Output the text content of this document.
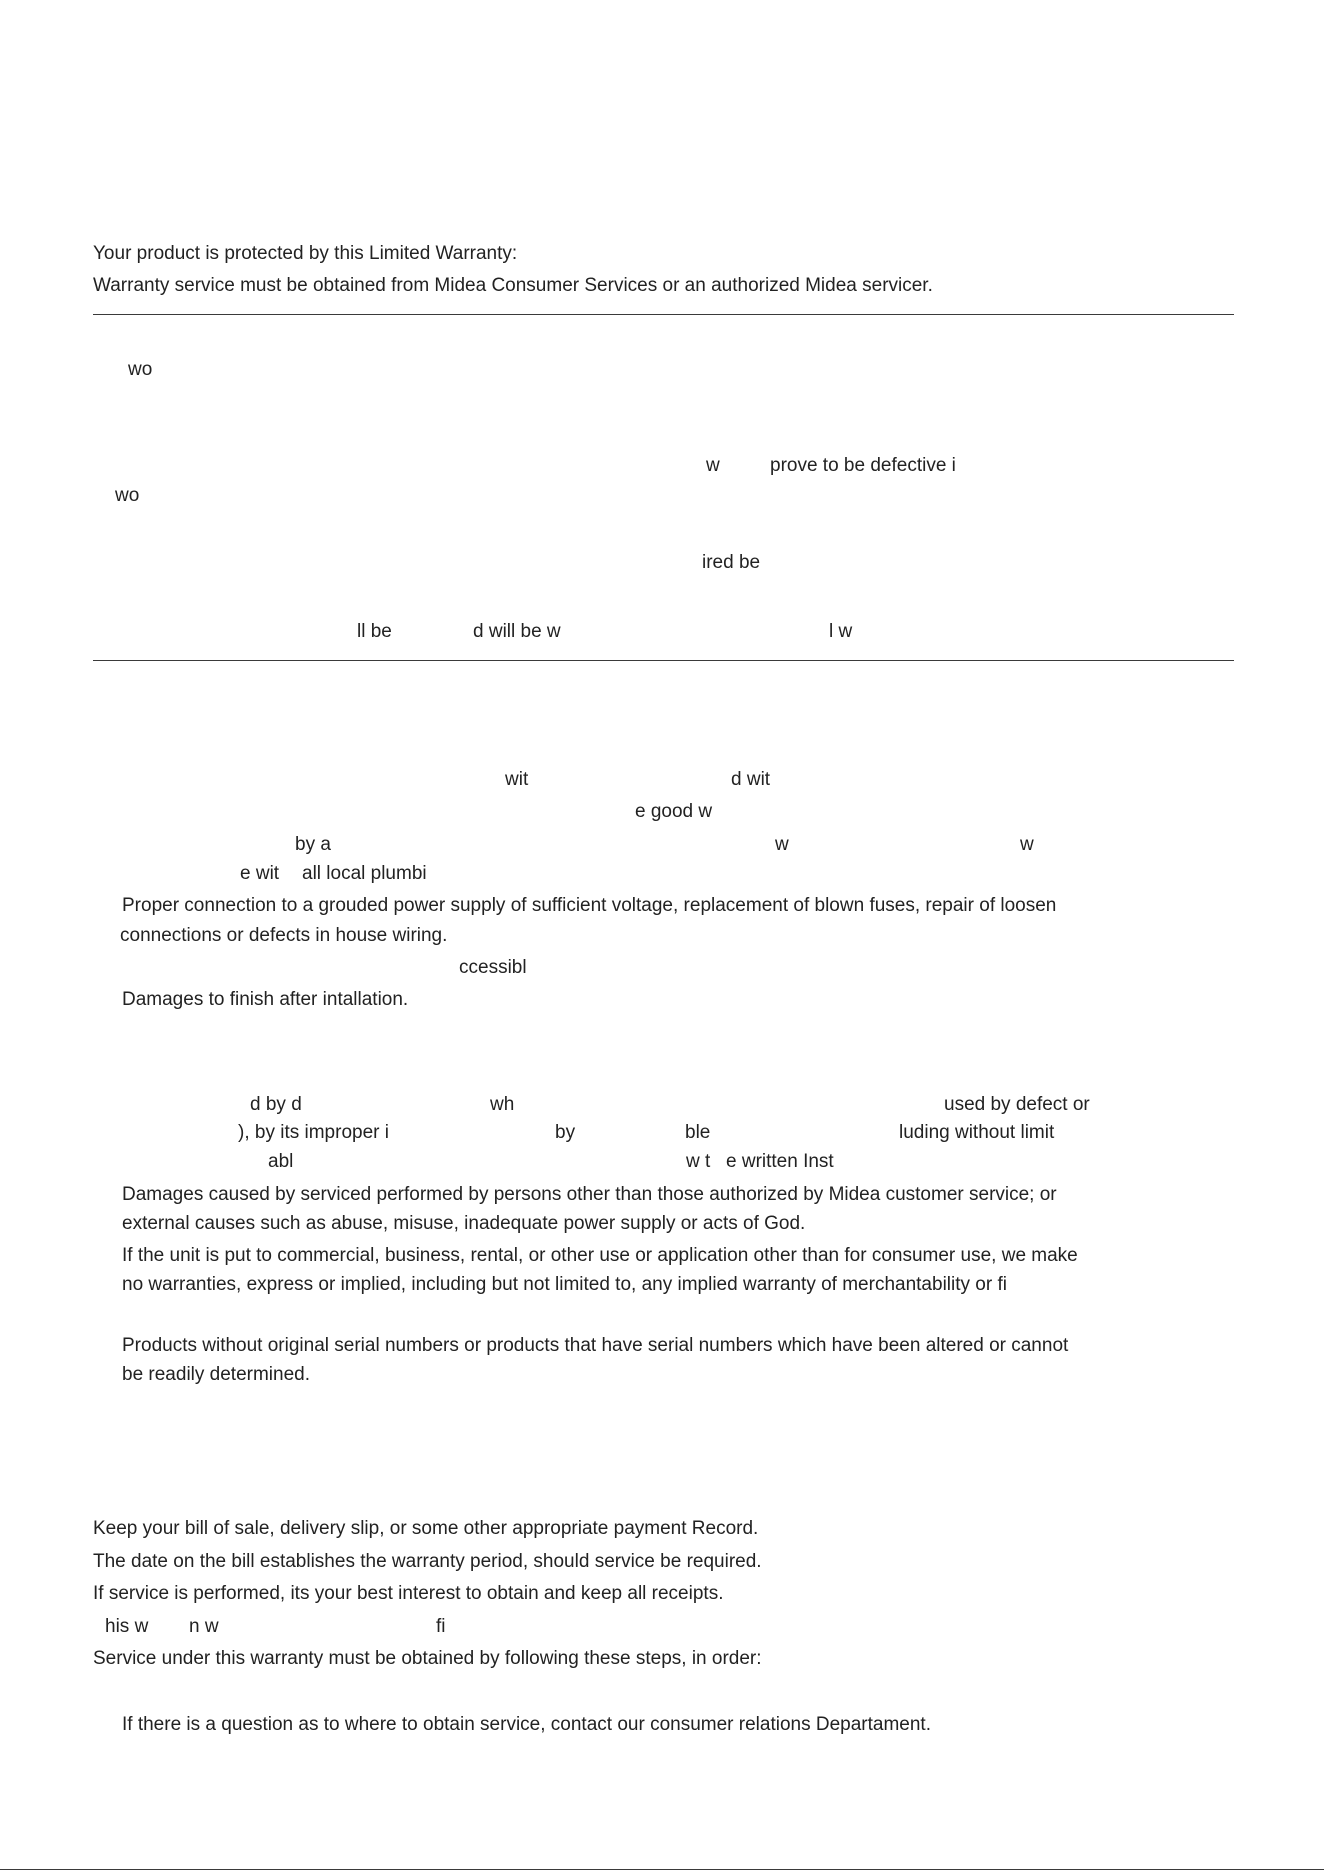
Your product is protected by this Limited Warranty:
Warranty service must be obtained from Midea Consumer Services or an authorized Midea servicer.
wo
w	prove to be defective i
wo
ired be
ll be	d will be w	l w
wit	d wit
e good w
by a	w	w
e wit all local plumbi
Proper connection to a grouded power supply of sufficient voltage, replacement of blown fuses, repair of loosen
connections or defects in house wiring.
ccessibl
Damages to finish after intallation.
d by d	wh	used by defect or
), by its improper i	by	ble	luding without limit
abl	w t e written Inst
Damages caused by serviced performed by persons other than those authorized by Midea customer service; or
external causes such as abuse, misuse, inadequate power supply or acts of God.
If the unit is put to commercial, business, rental, or other use or application other than for consumer use, we make
no warranties, express or implied, including but not limited to, any implied warranty of merchantability or fi
Products without original serial numbers or products that have serial numbers which have been altered or cannot
be readily determined.
Keep your bill of sale, delivery slip, or some other appropriate payment Record.
The date on the bill establishes the warranty period, should service be required.
If service is performed, its your best interest to obtain and keep all receipts.
his w n w	fi
Service under this warranty must be obtained by following these steps, in order:
If there is a question as to where to obtain service, contact our consumer relations Departament.
